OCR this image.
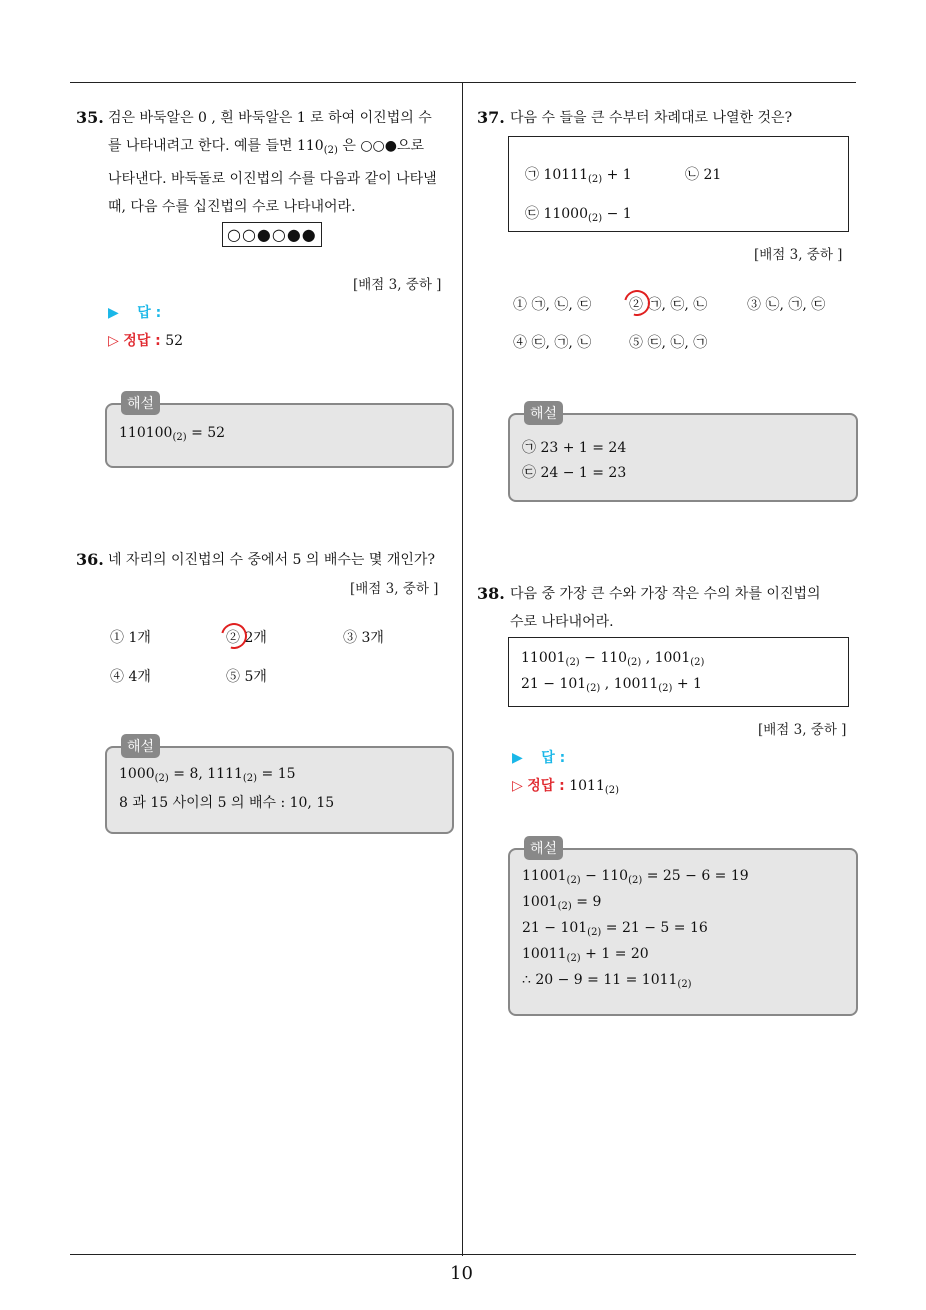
10
35. 검은 바둑알은 0 , 흰 바둑알은 1 로 하여 이진법의 수
를 나타내려고 한다. 예를 들면 $110_{(2)}$ 은 ○○●으로
나타낸다. 바둑돌로 이진법의 수를 다음과 같이 나타낼
때, 다음 수를 십진법의 수로 나타내어라.
○○●○●●
[배점 3, 중하 ]
▶ 답 :
▷ 정답 : 52
해설
$110100_{(2)} = 52$
36. 네 자리의 이진법의 수 중에서 5 의 배수는 몇 개인가?
[배점 3, 중하 ]
① 1개	② 2개	③ 3개
④ 4개	⑤ 5개
해설
$1000_{(2)} = 8$, $1111_{(2)} = 15$
8 과 15 사이의 5 의 배수 : 10, 15
37. 다음 수 들을 큰 수부터 차례대로 나열한 것은?
㉠ $10111_{(2)} + 1$	㉡ 21
㉢ $11000_{(2)} - 1$
[배점 3, 중하 ]
① ㉠, ㉡, ㉢	② ㉠, ㉢, ㉡	③ ㉡, ㉠, ㉢
④ ㉢, ㉠, ㉡	⑤ ㉢, ㉡, ㉠
해설
㉠ 23 + 1 = 24
㉢ 24 − 1 = 23
38. 다음 중 가장 큰 수와 가장 작은 수의 차를 이진법의
수로 나타내어라.
$11001_{(2)} - 110_{(2)}$ , $1001_{(2)}$
$21 - 101_{(2)}$ , $10011_{(2)} + 1$
[배점 3, 중하 ]
▶ 답 :
▷ 정답 : $1011_{(2)}$
해설
$11001_{(2)} - 110_{(2)} = 25 - 6 = 19$
$1001_{(2)} = 9$
$21 - 101_{(2)} = 21 - 5 = 16$
$10011_{(2)} + 1 = 20$
∴ $20 - 9 = 11 = 1011_{(2)}$
